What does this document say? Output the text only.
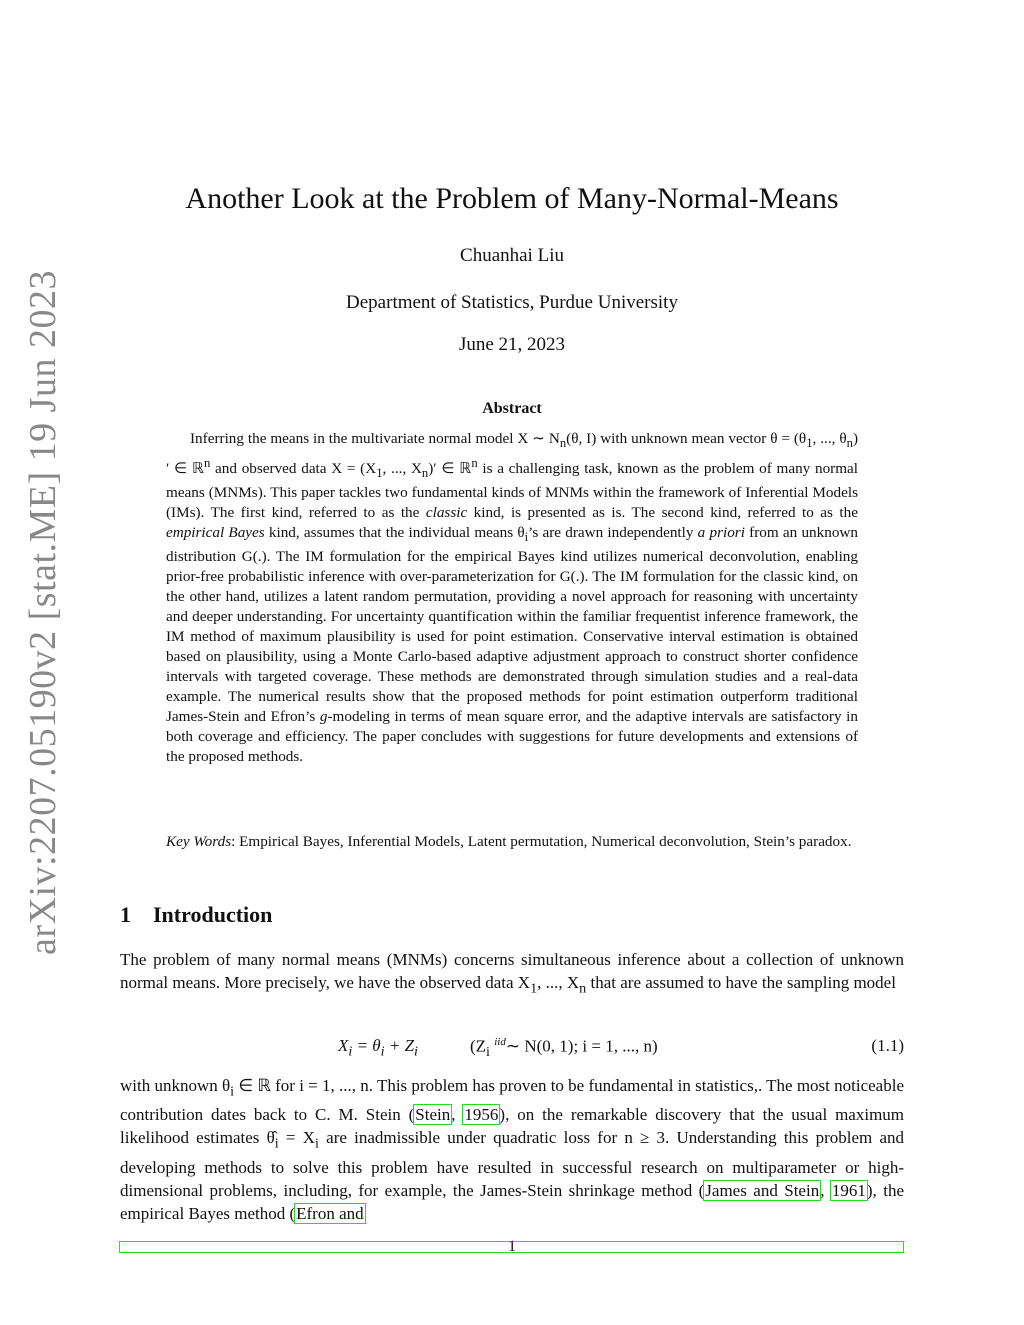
arXiv:2207.05190v2 [stat.ME] 19 Jun 2023
Another Look at the Problem of Many-Normal-Means
Chuanhai Liu
Department of Statistics, Purdue University
June 21, 2023
Abstract

Inferring the means in the multivariate normal model X ∼ $N_n(\theta$, I) with unknown mean vector $\theta = (\theta_1$, ..., $\theta_n)'$ ∈ ℝ$^n$ and observed data $X = (X_1$, ..., $X_n)'$ ∈ ℝ$^n$ is a challenging task, known as the problem of many normal means (MNMs). This paper tackles two fundamental kinds of MNMs within the framework of Inferential Models (IMs). The first kind, referred to as the classic kind, is presented as is. The second kind, referred to as the empirical Bayes kind, assumes that the individual means $\theta_i’s$ are drawn independently a priori from an unknown distribution G(.). The IM formulation for the empirical Bayes kind utilizes numerical deconvolution, enabling prior-free probabilistic inference with over-parameterization for G(.). The IM formulation for the classic kind, on the other hand, utilizes a latent random permutation, providing a novel approach for reasoning with uncertainty and deeper understanding. For uncertainty quantification within the familiar frequentist inference framework, the IM method of maximum plausibility is used for point estimation. Conservative interval estimation is obtained based on plausibility, using a Monte Carlo-based adaptive adjustment approach to construct shorter confidence intervals with targeted coverage. These methods are demonstrated through simulation studies and a real-data example. The numerical results show that the proposed methods for point estimation outperform traditional James-Stein and Efron’s g-modeling in terms of mean square error, and the adaptive intervals are satisfactory in both coverage and efficiency. The paper concludes with suggestions for future developments and extensions of the proposed methods.

Key Words: Empirical Bayes, Inferential Models, Latent permutation, Numerical deconvolution, Stein’s paradox.

1 Introduction

The problem of many normal means (MNMs) concerns simultaneous inference about a collection of unknown normal means. More precisely, we have the observed data $X_1$, ..., $X_n$ that are assumed to have the sampling model

$X_i = \theta_i + Z_i$	($Z_i$ $^{iid}$∼ N(0, 1); i = 1, ..., n)	(1.1)

with unknown $\theta_i$ ∈ ℝ for i = 1, ..., n. This problem has proven to be fundamental in statistics,. The most noticeable contribution dates back to C. M. Stein (Stein, 1956), on the remarkable discovery that the usual maximum likelihood estimates $\thetâ_i = X_i$ are inadmissible under quadratic loss for n ≥ 3. Understanding this problem and developing methods to solve this problem have resulted in successful research on multiparameter or high-dimensional problems, including, for example, the James-Stein shrinkage method (James and Stein, 1961), the empirical Bayes method (Efron and

1
